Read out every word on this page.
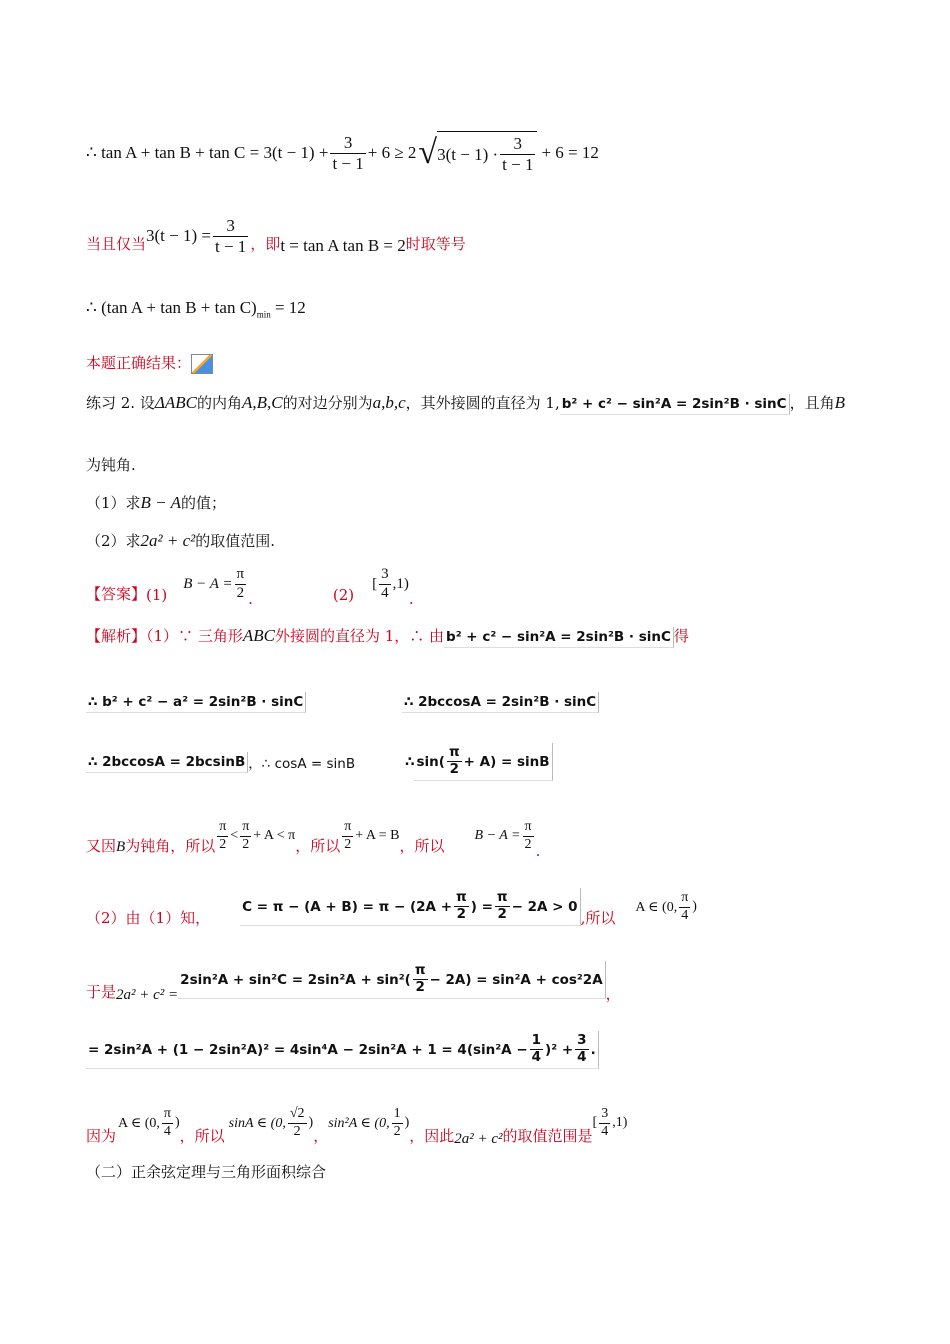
∴ $\tan A + \tan B + \tan C = 3(t - 1) + \frac{3}{t - 1} + 6 \ge 2$ √ $3(t - 1) \cdot \frac{3}{t - 1} + 6 = 12$
当且仅当 $3(t - 1) = \frac{3}{t - 1}$ ，即 t = tan A tan B = 2 时取等号
∴ (tan $A + \tan B + \tan C)_{min} = 12$
本题正确结果：
练习 2. 设ΔABC的内角A,B,C的对边分别为a,b,c，其外接圆的直径为 1, b² + c² − sin²A = 2sin²B · sinC ，且角B
为钝角.
（1）求B − A的值；
（2）求2a² + c²的取值范围.
【答案】 (1)
$B - A = \frac{\pi}{2}$ .	(2)
[ $\frac{3}{4} ,1$)
.
【解析】（1）∵ 三角形ABC外接圆的直径为 1，∴ 由 b² + c² − sin²A = 2sin²B · sinC 得
∴ b² + c² − a² = 2sin²B · sinC	∴ 2bccosA = 2sin²B · sinC
∴ 2bccosA = 2bcsinB ，∴ cosA = sinB	∴ $\sin( \frac{\pi}{2} + A) = \sin B$
又因 B 为钝角，所以 $\frac{\pi}{2} < \frac{\pi}{2} + A < \pi$
，所以 $\frac{\pi}{2} + A = B$
，所以
$B - A = \frac{\pi}{2}$ .
（2）由（1）知，
$C = \pi - (A + B) = \pi - (2A + \frac{\pi}{2}$ ) = $\frac{\pi}{2} - 2A > 0$
,所以
A ∈ (0, $\frac{\pi}{4}$ )
于是 2a² + c² =
$2\sin^2A + \sin^2C = 2\sin^2A + \sin^2( \frac{\pi}{2} - 2A) = \sin^2A + \cos^22A$
，
= $2\sin^2A + (1 - 2\sin^2A)^2 = 4\sin^4A - 2\sin^2A + 1 = 4(\sin^2A - \frac{1}{4} )^2 + \frac{3}{4}$ .
因为
A ∈ (0, $\frac{\pi}{4}$ )
，所以
sinA ∈ (0, $\frac{√2}{2}$ )
，
sin²A ∈ (0, $\frac{1}{2}$ )
，因此 2a² + c² 的取值范围是
[ $\frac{3}{4} ,1$)
（二）正余弦定理与三角形面积综合
